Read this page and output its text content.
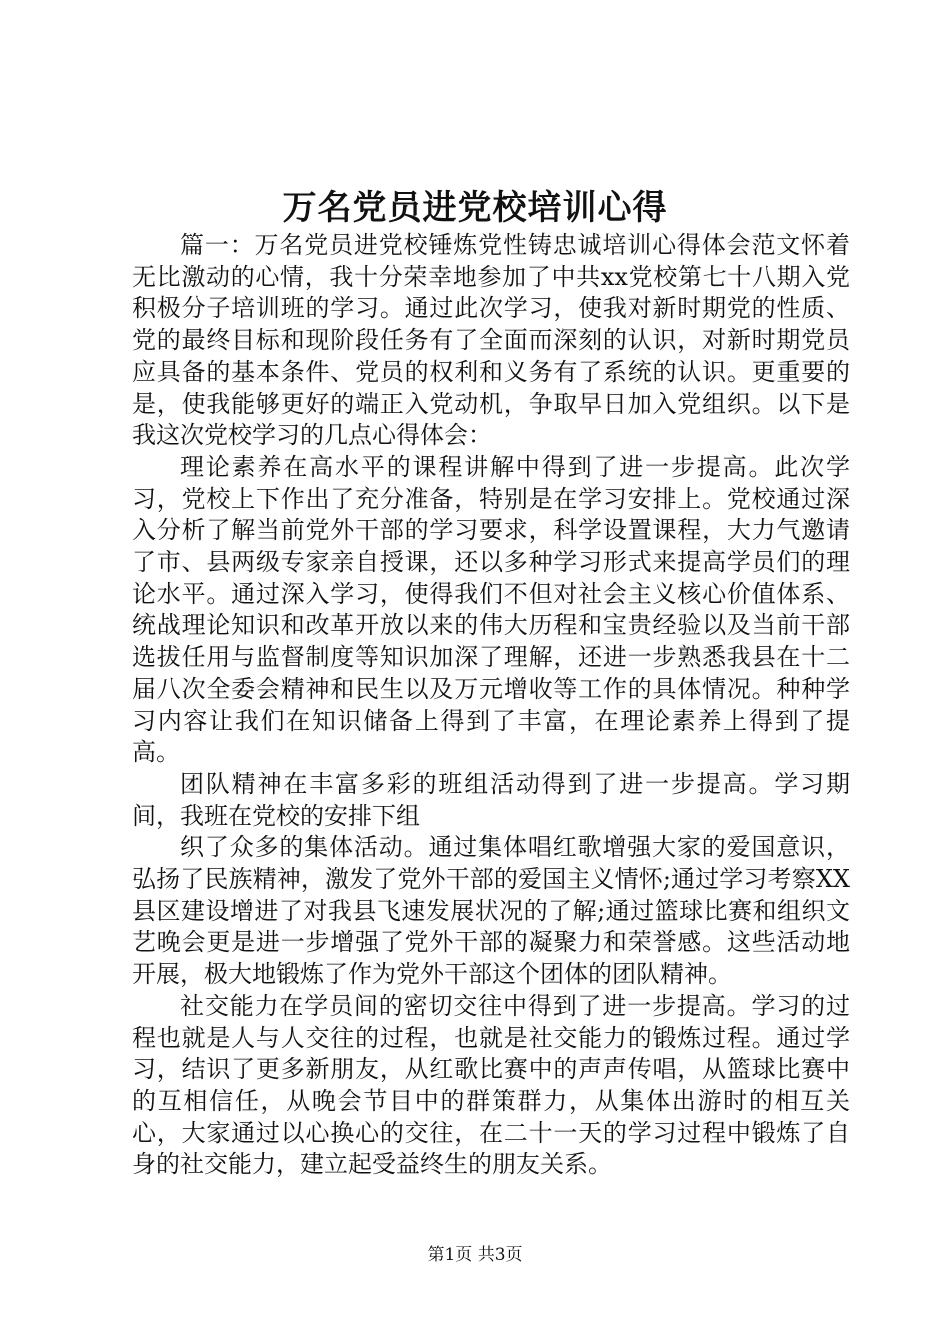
万名党员进党校培训心得

篇一：万名党员进党校锤炼党性铸忠诚培训心得体会范文怀着无比激动的心情，我十分荣幸地参加了中共xx党校第七十八期入党积极分子培训班的学习。通过此次学习，使我对新时期党的性质、党的最终目标和现阶段任务有了全面而深刻的认识，对新时期党员应具备的基本条件、党员的权利和义务有了系统的认识。更重要的是，使我能够更好的端正入党动机，争取早日加入党组织。以下是我这次党校学习的几点心得体会：

理论素养在高水平的课程讲解中得到了进一步提高。此次学习，党校上下作出了充分准备，特别是在学习安排上。党校通过深入分析了解当前党外干部的学习要求，科学设置课程，大力气邀请了市、县两级专家亲自授课，还以多种学习形式来提高学员们的理论水平。通过深入学习，使得我们不但对社会主义核心价值体系、统战理论知识和改革开放以来的伟大历程和宝贵经验以及当前干部选拔任用与监督制度等知识加深了理解，还进一步熟悉我县在十二届八次全委会精神和民生以及万元增收等工作的具体情况。种种学习内容让我们在知识储备上得到了丰富，在理论素养上得到了提高。

团队精神在丰富多彩的班组活动得到了进一步提高。学习期间，我班在党校的安排下组

织了众多的集体活动。通过集体唱红歌增强大家的爱国意识，弘扬了民族精神，激发了党外干部的爱国主义情怀;通过学习考察XX县区建设增进了对我县飞速发展状况的了解;通过篮球比赛和组织文艺晚会更是进一步增强了党外干部的凝聚力和荣誉感。这些活动地开展，极大地锻炼了作为党外干部这个团体的团队精神。

社交能力在学员间的密切交往中得到了进一步提高。学习的过程也就是人与人交往的过程，也就是社交能力的锻炼过程。通过学习，结识了更多新朋友，从红歌比赛中的声声传唱，从篮球比赛中的互相信任，从晚会节目中的群策群力，从集体出游时的相互关心，大家通过以心换心的交往，在二十一天的学习过程中锻炼了自身的社交能力，建立起受益终生的朋友关系。

第1页 共3页
